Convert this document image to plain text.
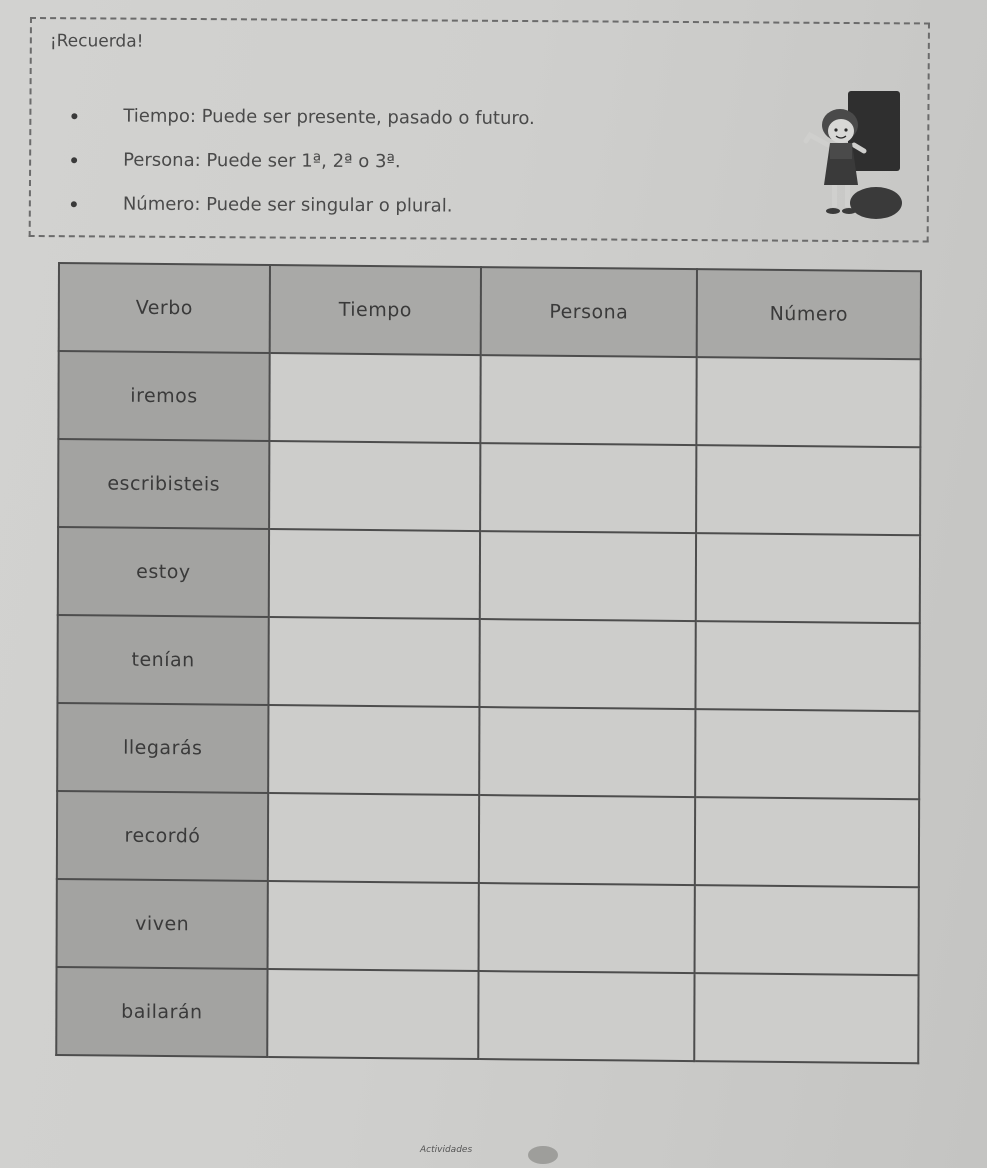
¡Recuerda!
Tiempo: Puede ser presente, pasado o futuro.
Persona: Puede ser 1ª, 2ª o 3ª.
Número: Puede ser singular o plural.
Verbo	Tiempo	Persona	Número
iremos			
escribisteis			
estoy			
tenían			
llegarás			
recordó			
viven			
bailarán			
Actividades
